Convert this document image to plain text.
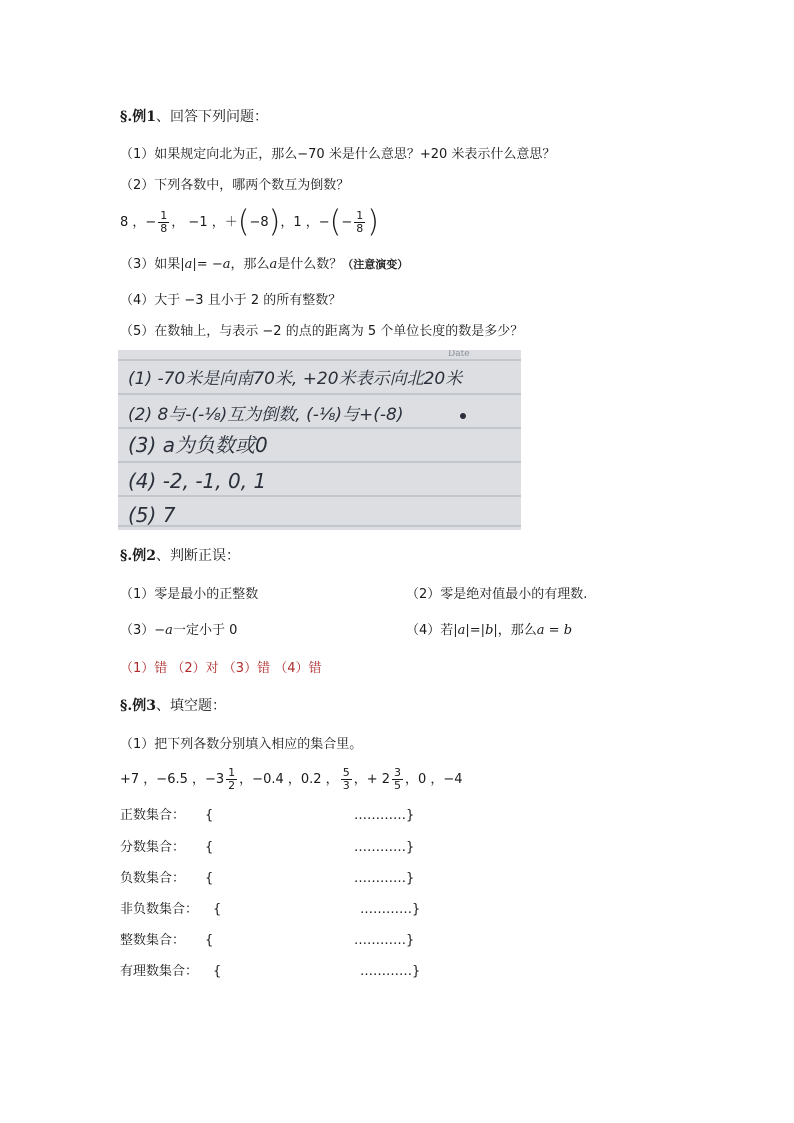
§.例1、回答下列问题：
（1）如果规定向北为正，那么−70 米是什么意思？+20 米表示什么意思？
（2）下列各数中，哪两个数互为倒数？
8 ，− $\frac{1}{8}$ ， −1 ，＋(−8)，1 ，−(− $\frac{1}{8}$ )
（3）如果|a|= −a，那么a是什么数？（注意演变）
（4）大于 −3 且小于 2 的所有整数？
（5）在数轴上，与表示 −2 的点的距离为 5 个单位长度的数是多少？
Date
(1) -70米是向南70米, +20米表示向北20米
(2) 8与-(-⅛)互为倒数, (-⅛)与+(-8)
(3) a为负数或0
(4) -2, -1, 0, 1
(5) 7
§.例2、判断正误：
（1）零是最小的正整数	（2）零是绝对值最小的有理数.
（3）−a一定小于 0	（4）若|a|=|b|，那么a = b
（1）错 （2）对 （3）错 （4）错
§.例3、填空题：
（1）把下列各数分别填入相应的集合里。
+7 ，−6.5 ，$-3 \frac{1}{2}$ ，−0.4 ，0.2 ， $\frac{5}{3}$ ，+ $2 \frac{3}{5}$ ，0 ，−4
正数集合： {	…………}
分数集合： {	…………}
负数集合： {	…………}
非负数集合： {	…………}
整数集合： {	…………}
有理数集合： {	…………}
